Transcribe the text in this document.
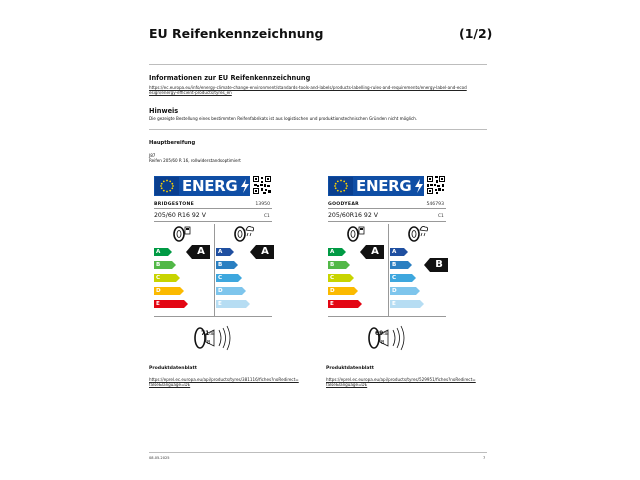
EU Reifenkennzeichnung	(1/2)
Informationen zur EU Reifenkennzeichnung
https://ec.europa.eu/info/energy-climate-change-environment/standards-tools-and-labels/products-labelling-rules-and-requirements/energy-label-and-ecodesign/energy-efficient-products/tyres_en
Hinweis
Die gezeigte Bestellung eines bestimmten Reifenfabrikats ist aus logistischen und produktionstechnischen Gründen nicht möglich.
Hauptbereifung
J87
Reifen 205/60 R 16, rollwiderstandsoptimiert
ENERG
BRIDGESTONE	13950
205/60 R16 92 V	C1
A
B
C
D
E
A	A
B
C
D
E
A
71dB
B
ENERG
GOODYEAR	546793
205/60R16 92 V	C1
A
B
C
D
E
A	A
B
C
D
E
B
69dB
B
Produktdatenblatt
https://eprel.ec.europa.eu/api/products/tyres/381116/fiches?noRedirect=false&language=DE
Produktdatenblatt
https://eprel.ec.europa.eu/api/products/tyres/529951/fiches?noRedirect=false&language=DE
08.05.2025	7
